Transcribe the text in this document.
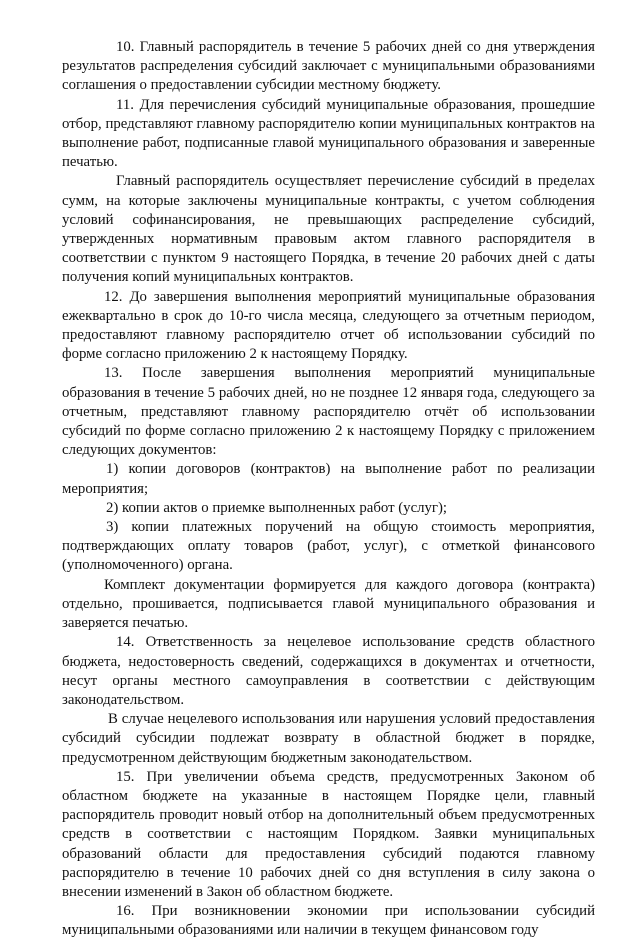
10. Главный распорядитель в течение 5 рабочих дней со дня утверждения результатов распределения субсидий заключает с муниципальными образованиями соглашения о предоставлении субсидии местному бюджету.

11. Для перечисления субсидий муниципальные образования, прошедшие отбор, представляют главному распорядителю копии муниципальных контрактов на выполнение работ, подписанные главой муниципального образования и заверенные печатью.

Главный распорядитель осуществляет перечисление субсидий в пределах сумм, на которые заключены муниципальные контракты, с учетом соблюдения условий софинансирования, не превышающих распределение субсидий, утвержденных нормативным правовым актом главного распорядителя в соответствии с пунктом 9 настоящего Порядка, в течение 20 рабочих дней с даты получения копий муниципальных контрактов.

12. До завершения выполнения мероприятий муниципальные образования ежеквартально в срок до 10-го числа месяца, следующего за отчетным периодом, предоставляют главному распорядителю отчет об использовании субсидий по форме согласно приложению 2 к настоящему Порядку.

13. После завершения выполнения мероприятий муниципальные образования в течение 5 рабочих дней, но не позднее 12 января года, следующего за отчетным, представляют главному распорядителю отчёт об использовании субсидий по форме согласно приложению 2 к настоящему Порядку с приложением следующих документов:

1) копии договоров (контрактов) на выполнение работ по реализации мероприятия;

2) копии актов о приемке выполненных работ (услуг);

3) копии платежных поручений на общую стоимость мероприятия, подтверждающих оплату товаров (работ, услуг), с отметкой финансового (уполномоченного) органа.

Комплект документации формируется для каждого договора (контракта) отдельно, прошивается, подписывается главой муниципального образования и заверяется печатью.

14. Ответственность за нецелевое использование средств областного бюджета, недостоверность сведений, содержащихся в документах и отчетности, несут органы местного самоуправления в соответствии с действующим законодательством.

В случае нецелевого использования или нарушения условий предоставления субсидий субсидии подлежат возврату в областной бюджет в порядке, предусмотренном действующим бюджетным законодательством.

15. При увеличении объема средств, предусмотренных Законом об областном бюджете на указанные в настоящем Порядке цели, главный распорядитель проводит новый отбор на дополнительный объем предусмотренных средств в соответствии с настоящим Порядком. Заявки муниципальных образований области для предоставления субсидий подаются главному распорядителю в течение 10 рабочих дней со дня вступления в силу закона о внесении изменений в Закон об областном бюджете.

16. При возникновении экономии при использовании субсидий муниципальными образованиями или наличии в текущем финансовом году
